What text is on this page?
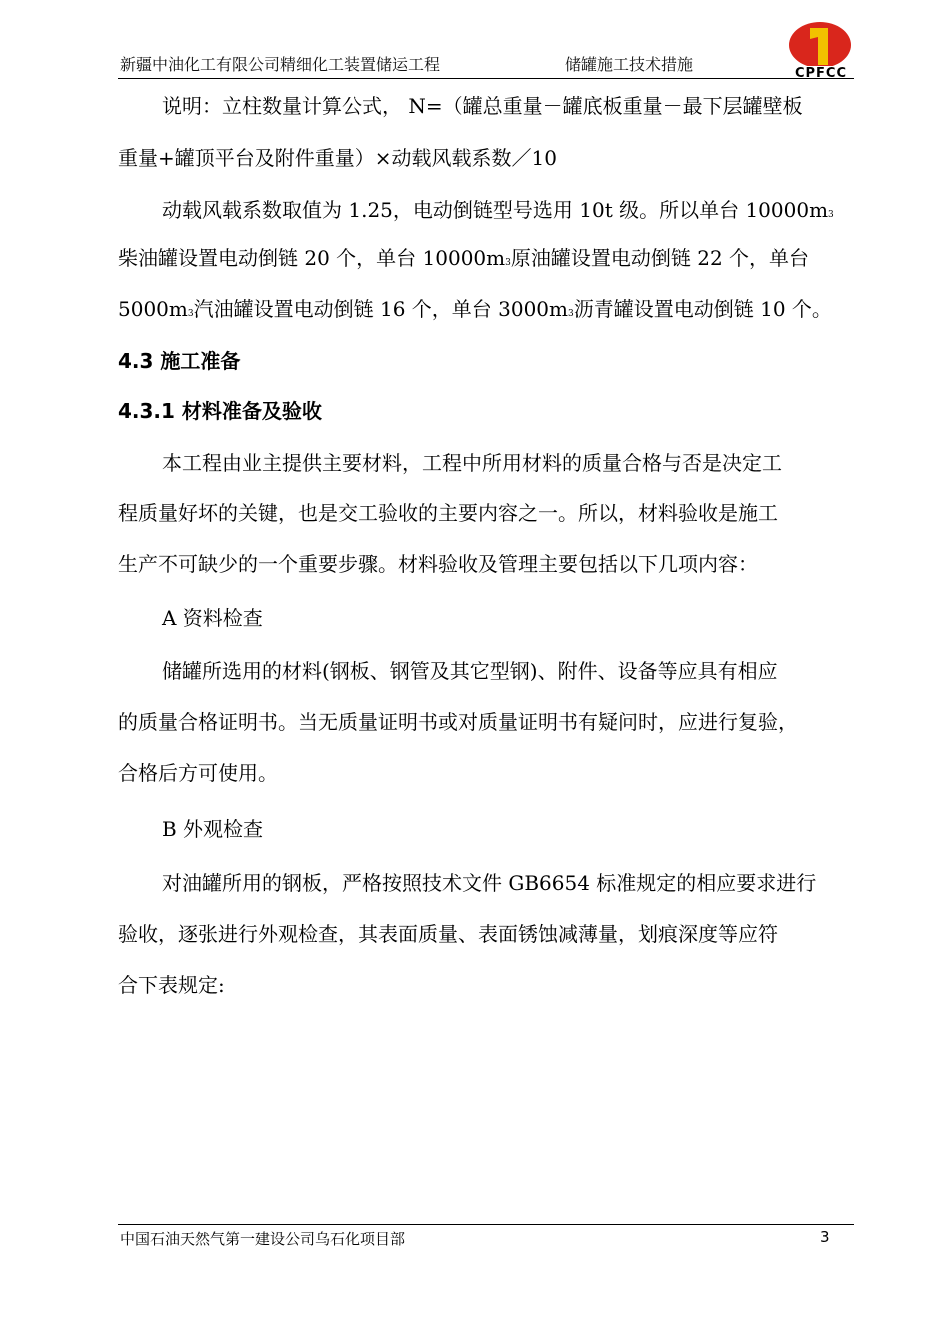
新疆中油化工有限公司精细化工装置储运工程	储罐施工技术措施	CPFCC
说明：立柱数量计算公式， N=（罐总重量－罐底板重量－最下层罐壁板
重量+罐顶平台及附件重量）×动载风载系数／10
动载风载系数取值为 1.25，电动倒链型号选用 10t 级。所以单台 10000m3
柴油罐设置电动倒链 20 个，单台 10000m3原油罐设置电动倒链 22 个，单台
5000m3汽油罐设置电动倒链 16 个，单台 3000m3沥青罐设置电动倒链 10 个。
4.3 施工准备
4.3.1 材料准备及验收
本工程由业主提供主要材料，工程中所用材料的质量合格与否是决定工
程质量好坏的关键，也是交工验收的主要内容之一。所以，材料验收是施工
生产不可缺少的一个重要步骤。材料验收及管理主要包括以下几项内容：
A 资料检查
储罐所选用的材料(钢板、钢管及其它型钢)、附件、设备等应具有相应
的质量合格证明书。当无质量证明书或对质量证明书有疑问时，应进行复验，
合格后方可使用。
B 外观检查
对油罐所用的钢板，严格按照技术文件 GB6654 标准规定的相应要求进行
验收，逐张进行外观检查，其表面质量、表面锈蚀减薄量，划痕深度等应符
合下表规定:
中国石油天然气第一建设公司乌石化项目部	3
